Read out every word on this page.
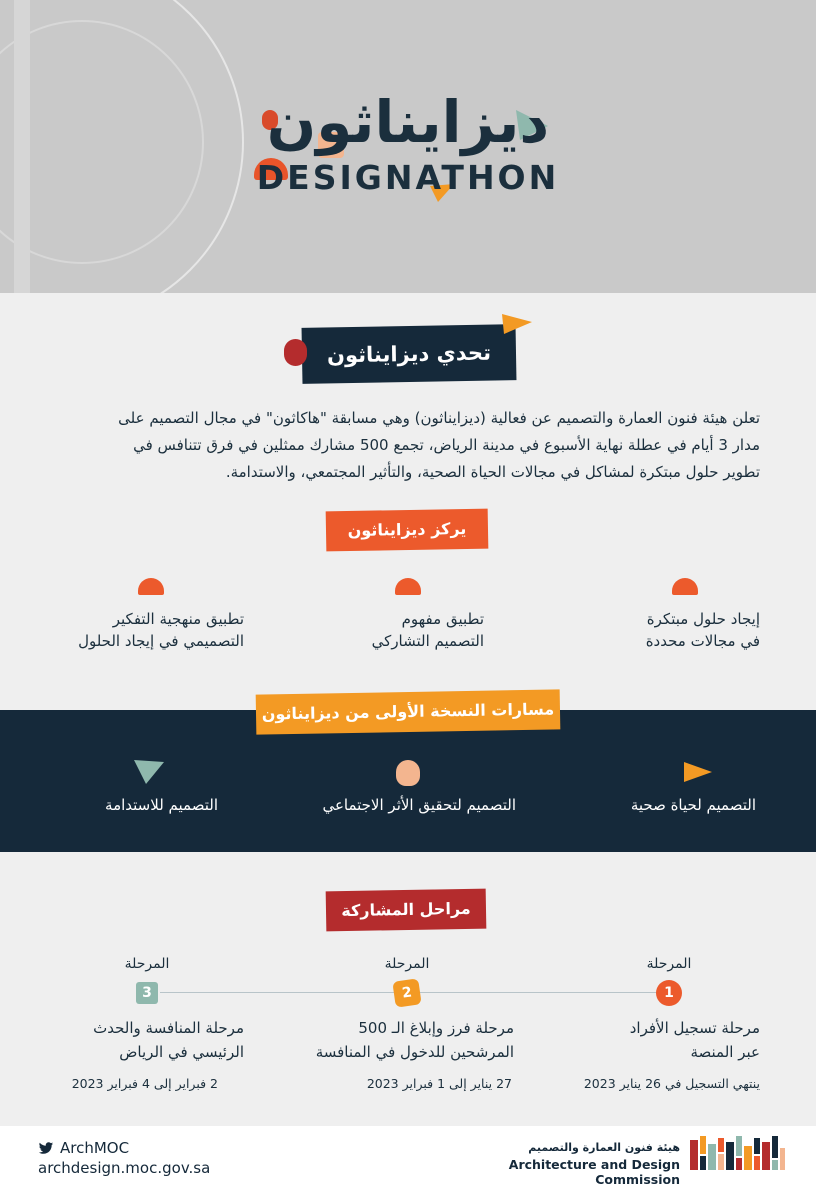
ديزايناثون
DESIGNATHON
تحدي ديزايناثون
تعلن هيئة فنون العمارة والتصميم عن فعالية (ديزايناثون) وهي مسابقة "هاكاثون" في مجال التصميم على
مدار 3 أيام في عطلة نهاية الأسبوع في مدينة الرياض، تجمع 500 مشارك ممثلين في فرق تتنافس في
تطوير حلول مبتكرة لمشاكل في مجالات الحياة الصحية، والتأثير المجتمعي، والاستدامة.
يركز ديزايناثون
إيجاد حلول مبتكرة
في مجالات محددة
تطبيق مفهوم
التصميم التشاركي
تطبيق منهجية التفكير
التصميمي في إيجاد الحلول
مسارات النسخة الأولى من ديزايناثون
التصميم لحياة صحية
التصميم لتحقيق الأثر الاجتماعي
التصميم للاستدامة
مراحل المشاركة
المرحلة
المرحلة
المرحلة
1
2
3
مرحلة تسجيل الأفراد
عبر المنصة
مرحلة فرز وإبلاغ الـ 500
المرشحين للدخول في المنافسة
مرحلة المنافسة والحدث
الرئيسي في الرياض
ينتهي التسجيل في 26 يناير 2023
27 يناير إلى 1 فبراير 2023
2 فبراير إلى 4 فبراير 2023
ArchMOC
archdesign.moc.gov.sa
هيئة فنون العمارة والتصميم
Architecture and Design Commission
